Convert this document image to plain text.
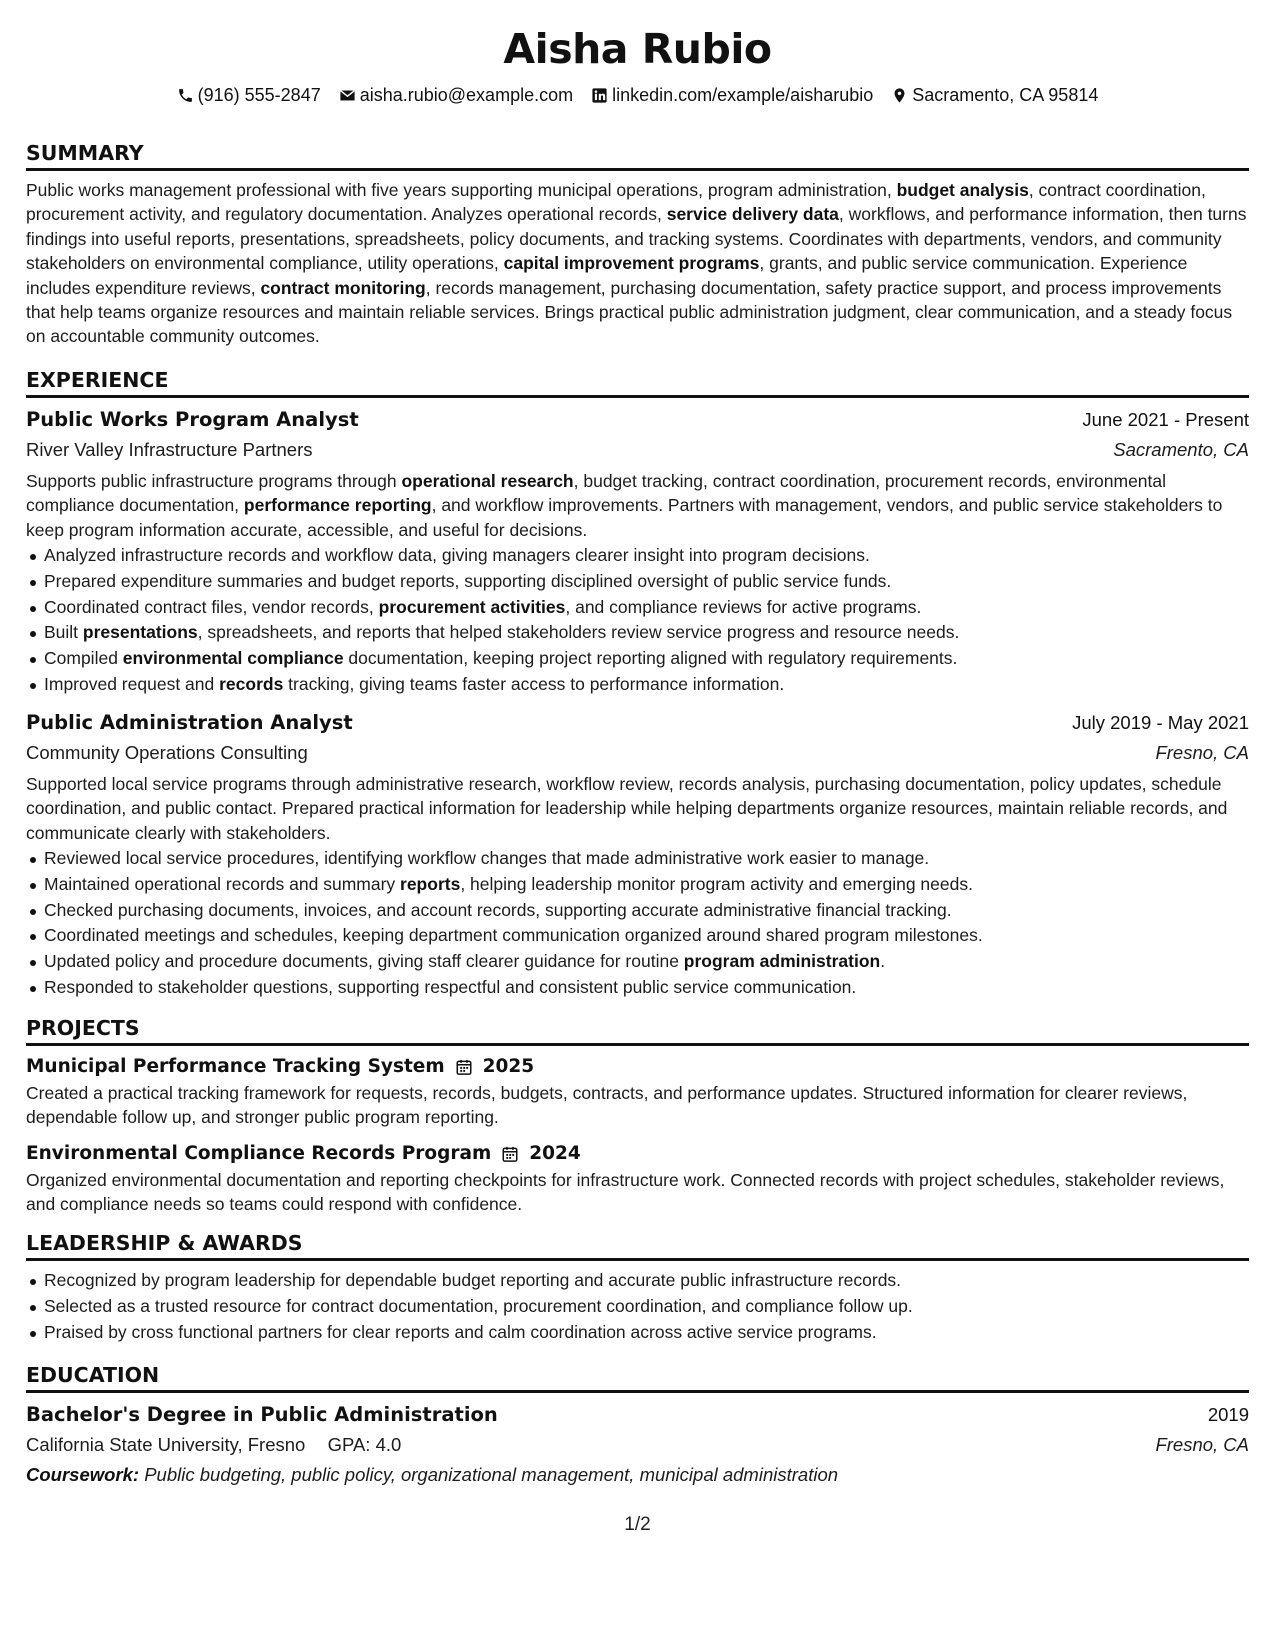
Aisha Rubio
(916) 555-2847 aisha.rubio@example.com linkedin.com/example/aisharubio Sacramento, CA 95814
SUMMARY

Public works management professional with five years supporting municipal operations, program administration, budget analysis, contract coordination, procurement activity, and regulatory documentation. Analyzes operational records, service delivery data, workflows, and performance information, then turns findings into useful reports, presentations, spreadsheets, policy documents, and tracking systems. Coordinates with departments, vendors, and community stakeholders on environmental compliance, utility operations, capital improvement programs, grants, and public service communication. Experience includes expenditure reviews, contract monitoring, records management, purchasing documentation, safety practice support, and process improvements that help teams organize resources and maintain reliable services. Brings practical public administration judgment, clear communication, and a steady focus on accountable community outcomes.

EXPERIENCE
Public Works Program Analyst	June 2021 - Present
River Valley Infrastructure Partners	Sacramento, CA

Supports public infrastructure programs through operational research, budget tracking, contract coordination, procurement records, environmental compliance documentation, performance reporting, and workflow improvements. Partners with management, vendors, and public service stakeholders to keep program information accurate, accessible, and useful for decisions.

Analyzed infrastructure records and workflow data, giving managers clearer insight into program decisions.
Prepared expenditure summaries and budget reports, supporting disciplined oversight of public service funds.
Coordinated contract files, vendor records, procurement activities, and compliance reviews for active programs.
Built presentations, spreadsheets, and reports that helped stakeholders review service progress and resource needs.
Compiled environmental compliance documentation, keeping project reporting aligned with regulatory requirements.
Improved request and records tracking, giving teams faster access to performance information.
Public Administration Analyst	July 2019 - May 2021
Community Operations Consulting	Fresno, CA

Supported local service programs through administrative research, workflow review, records analysis, purchasing documentation, policy updates, schedule coordination, and public contact. Prepared practical information for leadership while helping departments organize resources, maintain reliable records, and communicate clearly with stakeholders.

Reviewed local service procedures, identifying workflow changes that made administrative work easier to manage.
Maintained operational records and summary reports, helping leadership monitor program activity and emerging needs.
Checked purchasing documents, invoices, and account records, supporting accurate administrative financial tracking.
Coordinated meetings and schedules, keeping department communication organized around shared program milestones.
Updated policy and procedure documents, giving staff clearer guidance for routine program administration.
Responded to stakeholder questions, supporting respectful and consistent public service communication.
PROJECTS
Municipal Performance Tracking System 2025

Created a practical tracking framework for requests, records, budgets, contracts, and performance updates. Structured information for clearer reviews, dependable follow up, and stronger public program reporting.

Environmental Compliance Records Program 2024

Organized environmental documentation and reporting checkpoints for infrastructure work. Connected records with project schedules, stakeholder reviews, and compliance needs so teams could respond with confidence.

LEADERSHIP & AWARDS
Recognized by program leadership for dependable budget reporting and accurate public infrastructure records.
Selected as a trusted resource for contract documentation, procurement coordination, and compliance follow up.
Praised by cross functional partners for clear reports and calm coordination across active service programs.
EDUCATION
Bachelor's Degree in Public Administration	2019
California State University, Fresno GPA: 4.0	Fresno, CA
Coursework: Public budgeting, public policy, organizational management, municipal administration
1/2
